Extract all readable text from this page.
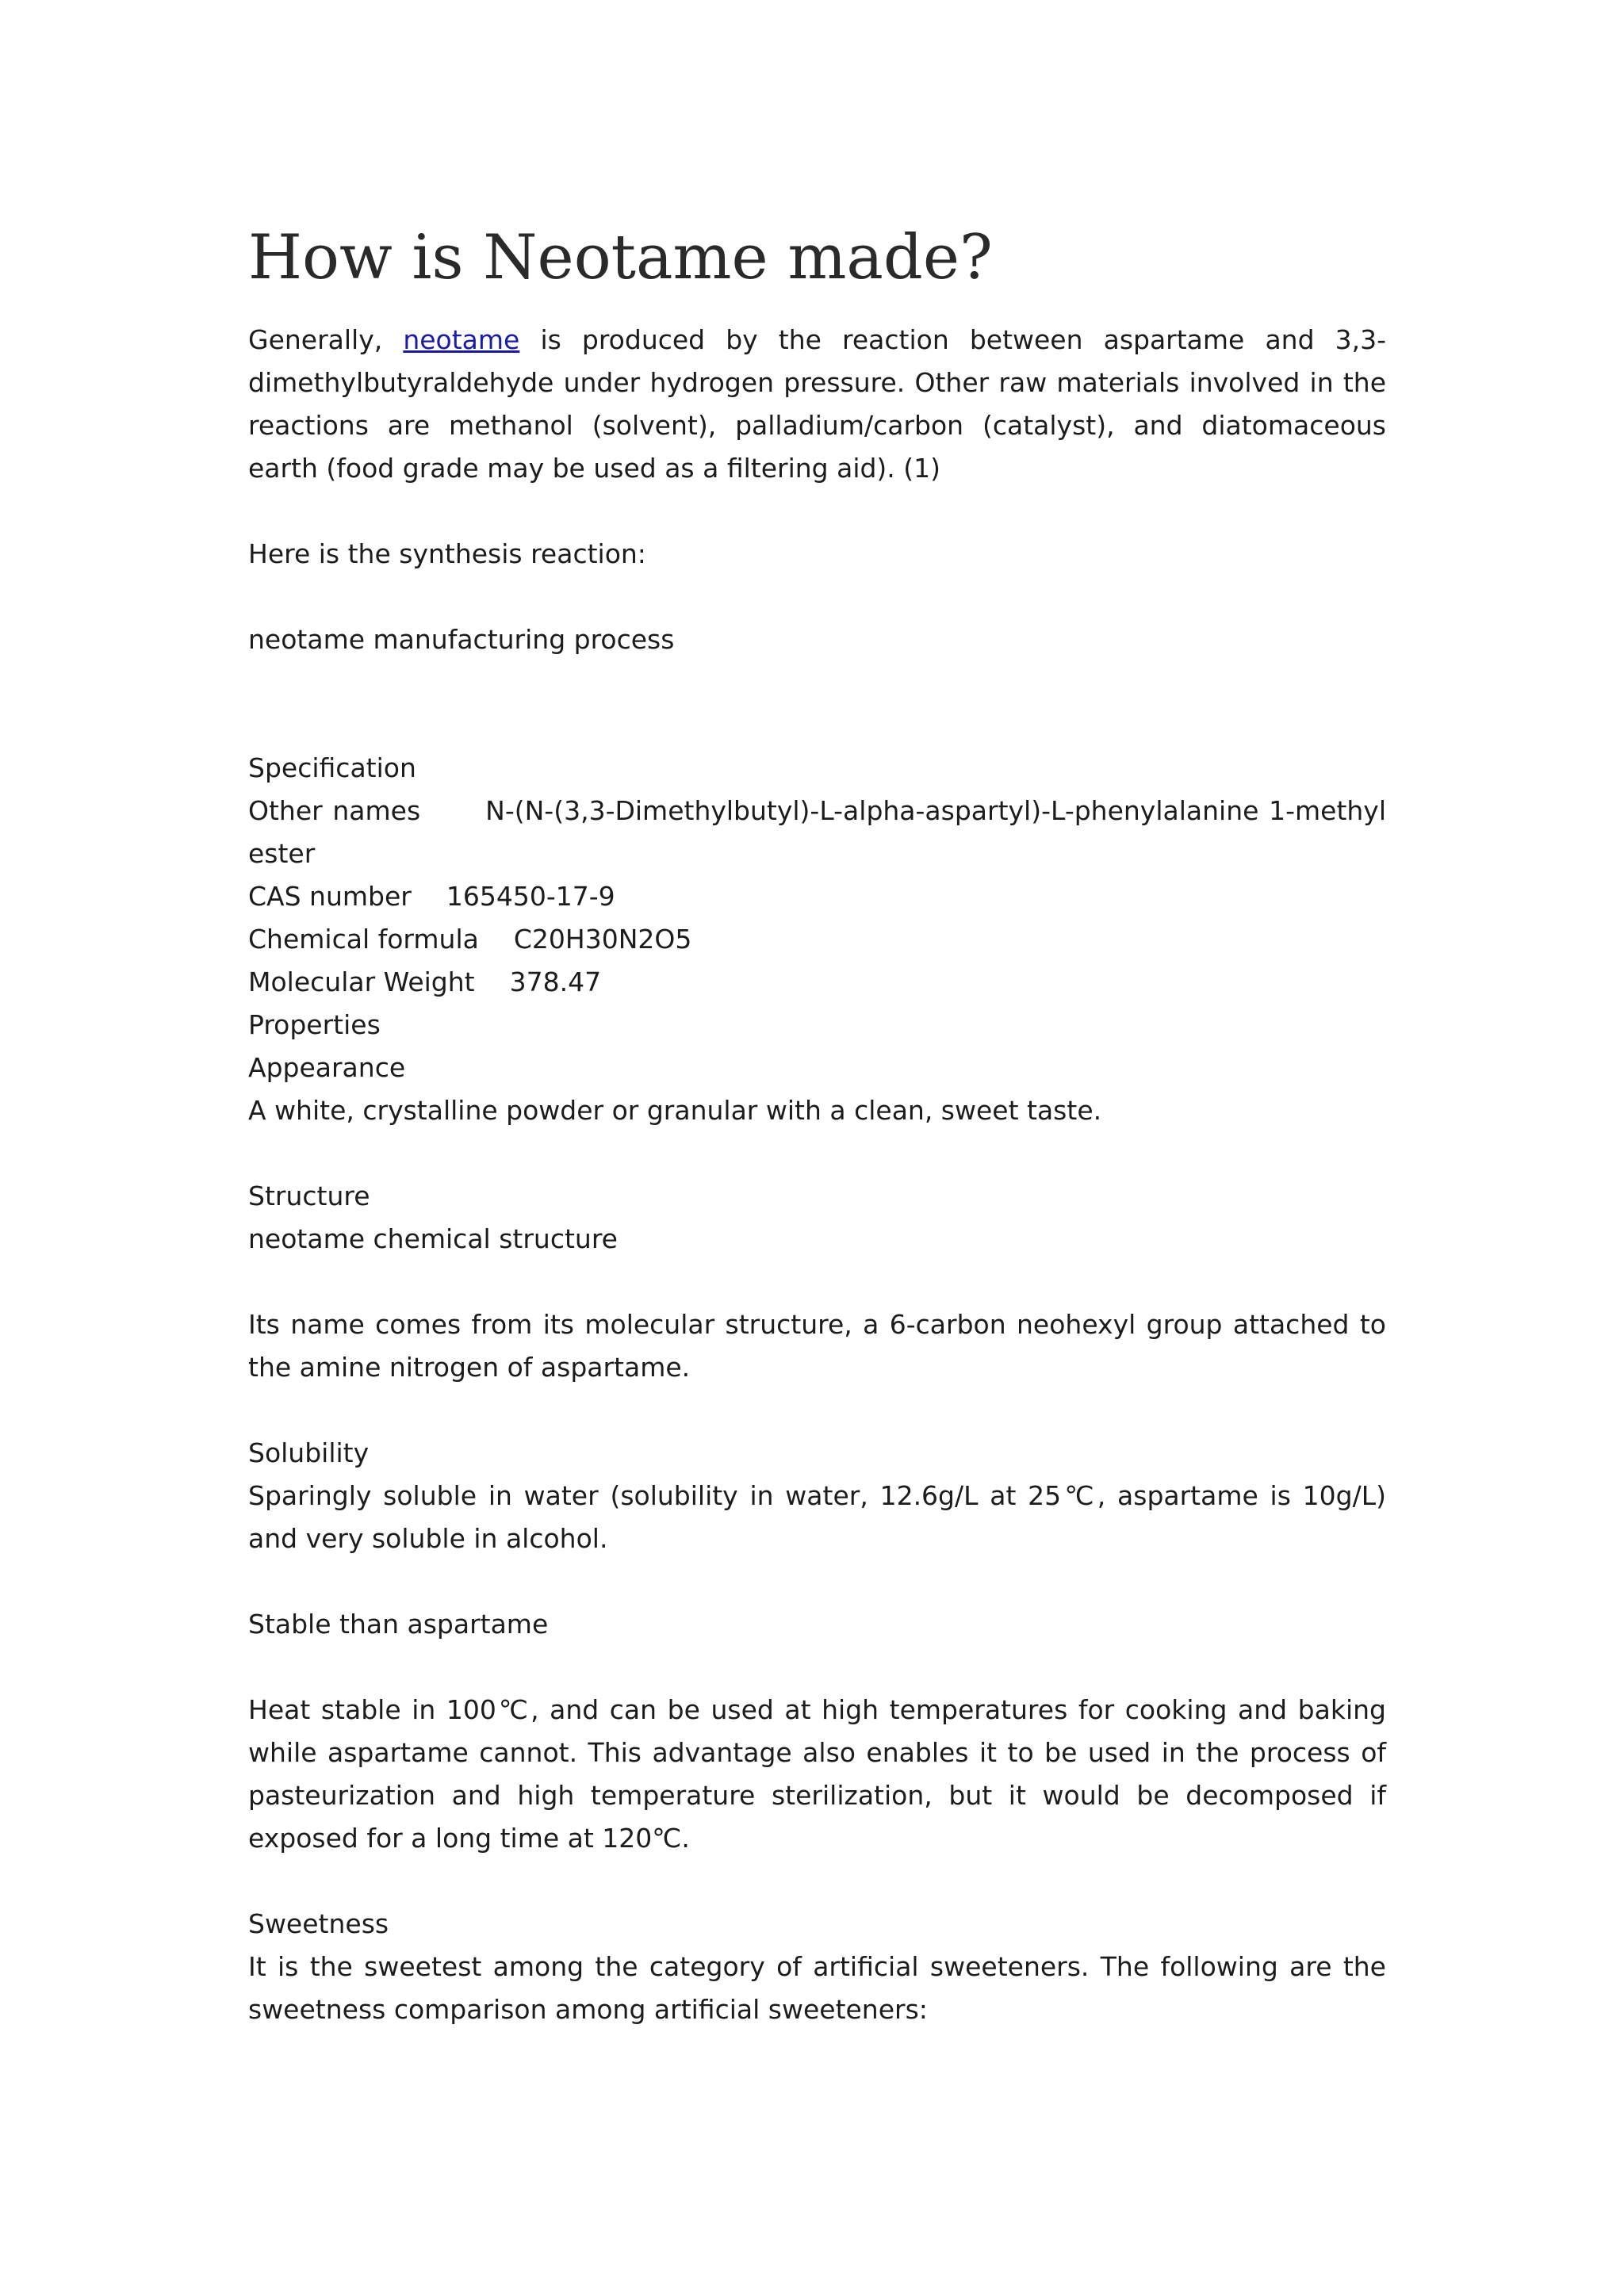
How is Neotame made?

Generally, neotame is produced by the reaction between aspartame and 3,3-dimethylbutyraldehyde under hydrogen pressure. Other raw materials involved in the reactions are methanol (solvent), palladium/carbon (catalyst), and diatomaceous earth (food grade may be used as a filtering aid). (1)

Here is the synthesis reaction:

neotame manufacturing process

Specification

Other names N-(N-(3,3-Dimethylbutyl)-L-alpha-aspartyl)-L-phenylalanine 1-methyl ester

CAS number 165450-17-9

Chemical formula C20H30N2O5

Molecular Weight 378.47

Properties

Appearance

A white, crystalline powder or granular with a clean, sweet taste.

Structure

neotame chemical structure

Its name comes from its molecular structure, a 6-carbon neohexyl group attached to the amine nitrogen of aspartame.

Solubility

Sparingly soluble in water (solubility in water, 12.6g/L at 25℃, aspartame is 10g/L) and very soluble in alcohol.

Stable than aspartame

Heat stable in 100℃, and can be used at high temperatures for cooking and baking while aspartame cannot. This advantage also enables it to be used in the process of pasteurization and high temperature sterilization, but it would be decomposed if exposed for a long time at 120℃.

Sweetness

It is the sweetest among the category of artificial sweeteners. The following are the sweetness comparison among artificial sweeteners:
